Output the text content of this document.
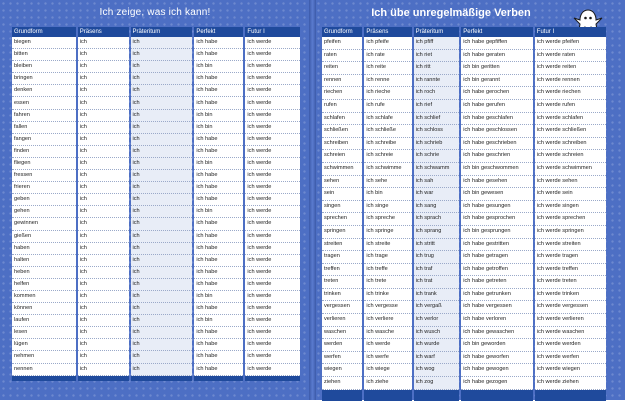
Ich zeige, was ich kann!	Ich übe unregelmäßige Verben
Grundform	Präsens	Präteritum	Perfekt	Futur I
biegen	ich	ich	ich habe	ich werde
bitten	ich	ich	ich habe	ich werde
bleiben	ich	ich	ich bin	ich werde
bringen	ich	ich	ich habe	ich werde
denken	ich	ich	ich habe	ich werde
essen	ich	ich	ich habe	ich werde
fahren	ich	ich	ich bin	ich werde
fallen	ich	ich	ich bin	ich werde
fangen	ich	ich	ich habe	ich werde
finden	ich	ich	ich habe	ich werde
fliegen	ich	ich	ich bin	ich werde
fressen	ich	ich	ich habe	ich werde
frieren	ich	ich	ich habe	ich werde
geben	ich	ich	ich habe	ich werde
gehen	ich	ich	ich bin	ich werde
gewinnen	ich	ich	ich habe	ich werde
gießen	ich	ich	ich habe	ich werde
haben	ich	ich	ich habe	ich werde
halten	ich	ich	ich habe	ich werde
heben	ich	ich	ich habe	ich werde
helfen	ich	ich	ich habe	ich werde
kommen	ich	ich	ich bin	ich werde
können	ich	ich	ich habe	ich werde
laufen	ich	ich	ich bin	ich werde
lesen	ich	ich	ich habe	ich werde
lügen	ich	ich	ich habe	ich werde
nehmen	ich	ich	ich habe	ich werde
nennen	ich	ich	ich habe	ich werde

Grundform	Präsens	Präteritum	Perfekt	Futur I
pfeifen	ich pfeife	ich pfiff	ich habe gepfiffen	ich werde pfeifen
raten	ich rate	ich riet	ich habe geraten	ich werde raten
reiten	ich reite	ich ritt	ich bin geritten	ich werde reiten
rennen	ich renne	ich rannte	ich bin gerannt	ich werde rennen
riechen	ich rieche	ich roch	ich habe gerochen	ich werde riechen
rufen	ich rufe	ich rief	ich habe gerufen	ich werde rufen
schlafen	ich schlafe	ich schlief	ich habe geschlafen	ich werde schlafen
schließen	ich schließe	ich schloss	ich habe geschlossen	ich werde schließen
schreiben	ich schreibe	ich schrieb	ich habe geschrieben	ich werde schreiben
schreien	ich schreie	ich schrie	ich habe geschrien	ich werde schreien
schwimmen	ich schwimme	ich schwamm	ich bin geschwommen	ich werde schwimmen
sehen	ich sehe	ich sah	ich habe gesehen	ich werde sehen
sein	ich bin	ich war	ich bin gewesen	ich werde sein
singen	ich singe	ich sang	ich habe gesungen	ich werde singen
sprechen	ich spreche	ich sprach	ich habe gesprochen	ich werde sprechen
springen	ich springe	ich sprang	ich bin gesprungen	ich werde springen
streiten	ich streite	ich stritt	ich habe gestritten	ich werde streiten
tragen	ich trage	ich trug	ich habe getragen	ich werde tragen
treffen	ich treffe	ich traf	ich habe getroffen	ich werde treffen
treten	ich trete	ich trat	ich habe getreten	ich werde treten
trinken	ich trinke	ich trank	ich habe getrunken	ich werde trinken
vergessen	ich vergesse	ich vergaß	ich habe vergessen	ich werde vergessen
verlieren	ich verliere	ich verlor	ich habe verloren	ich werde verlieren
waschen	ich wasche	ich wusch	ich habe gewaschen	ich werde waschen
werden	ich werde	ich wurde	ich bin geworden	ich werde werden
werfen	ich werfe	ich warf	ich habe geworfen	ich werde werfen
wiegen	ich wiege	ich wog	ich habe gewogen	ich werde wiegen
ziehen	ich ziehe	ich zog	ich habe gezogen	ich werde ziehen
